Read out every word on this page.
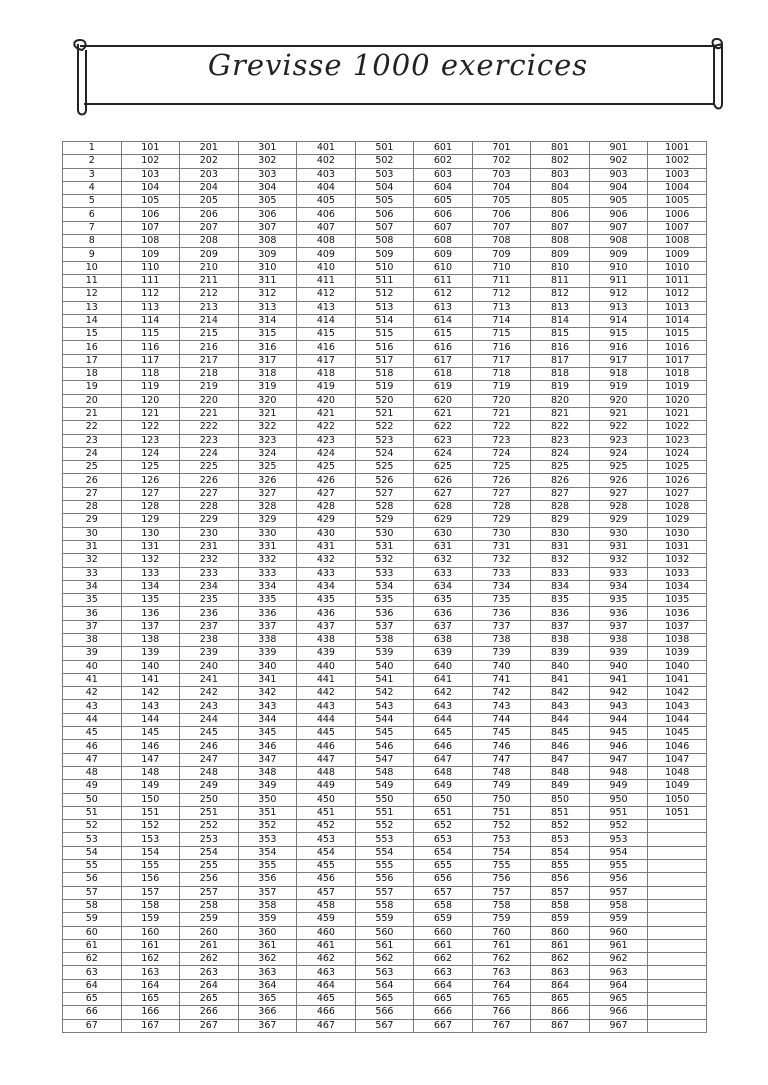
Grevisse 1000 exercices
1	101	201	301	401	501	601	701	801	901	1001
2	102	202	302	402	502	602	702	802	902	1002
3	103	203	303	403	503	603	703	803	903	1003
4	104	204	304	404	504	604	704	804	904	1004
5	105	205	305	405	505	605	705	805	905	1005
6	106	206	306	406	506	606	706	806	906	1006
7	107	207	307	407	507	607	707	807	907	1007
8	108	208	308	408	508	608	708	808	908	1008
9	109	209	309	409	509	609	709	809	909	1009
10	110	210	310	410	510	610	710	810	910	1010
11	111	211	311	411	511	611	711	811	911	1011
12	112	212	312	412	512	612	712	812	912	1012
13	113	213	313	413	513	613	713	813	913	1013
14	114	214	314	414	514	614	714	814	914	1014
15	115	215	315	415	515	615	715	815	915	1015
16	116	216	316	416	516	616	716	816	916	1016
17	117	217	317	417	517	617	717	817	917	1017
18	118	218	318	418	518	618	718	818	918	1018
19	119	219	319	419	519	619	719	819	919	1019
20	120	220	320	420	520	620	720	820	920	1020
21	121	221	321	421	521	621	721	821	921	1021
22	122	222	322	422	522	622	722	822	922	1022
23	123	223	323	423	523	623	723	823	923	1023
24	124	224	324	424	524	624	724	824	924	1024
25	125	225	325	425	525	625	725	825	925	1025
26	126	226	326	426	526	626	726	826	926	1026
27	127	227	327	427	527	627	727	827	927	1027
28	128	228	328	428	528	628	728	828	928	1028
29	129	229	329	429	529	629	729	829	929	1029
30	130	230	330	430	530	630	730	830	930	1030
31	131	231	331	431	531	631	731	831	931	1031
32	132	232	332	432	532	632	732	832	932	1032
33	133	233	333	433	533	633	733	833	933	1033
34	134	234	334	434	534	634	734	834	934	1034
35	135	235	335	435	535	635	735	835	935	1035
36	136	236	336	436	536	636	736	836	936	1036
37	137	237	337	437	537	637	737	837	937	1037
38	138	238	338	438	538	638	738	838	938	1038
39	139	239	339	439	539	639	739	839	939	1039
40	140	240	340	440	540	640	740	840	940	1040
41	141	241	341	441	541	641	741	841	941	1041
42	142	242	342	442	542	642	742	842	942	1042
43	143	243	343	443	543	643	743	843	943	1043
44	144	244	344	444	544	644	744	844	944	1044
45	145	245	345	445	545	645	745	845	945	1045
46	146	246	346	446	546	646	746	846	946	1046
47	147	247	347	447	547	647	747	847	947	1047
48	148	248	348	448	548	648	748	848	948	1048
49	149	249	349	449	549	649	749	849	949	1049
50	150	250	350	450	550	650	750	850	950	1050
51	151	251	351	451	551	651	751	851	951	1051
52	152	252	352	452	552	652	752	852	952	
53	153	253	353	453	553	653	753	853	953	
54	154	254	354	454	554	654	754	854	954	
55	155	255	355	455	555	655	755	855	955	
56	156	256	356	456	556	656	756	856	956	
57	157	257	357	457	557	657	757	857	957	
58	158	258	358	458	558	658	758	858	958	
59	159	259	359	459	559	659	759	859	959	
60	160	260	360	460	560	660	760	860	960	
61	161	261	361	461	561	661	761	861	961	
62	162	262	362	462	562	662	762	862	962	
63	163	263	363	463	563	663	763	863	963	
64	164	264	364	464	564	664	764	864	964	
65	165	265	365	465	565	665	765	865	965	
66	166	266	366	466	566	666	766	866	966	
67	167	267	367	467	567	667	767	867	967	
